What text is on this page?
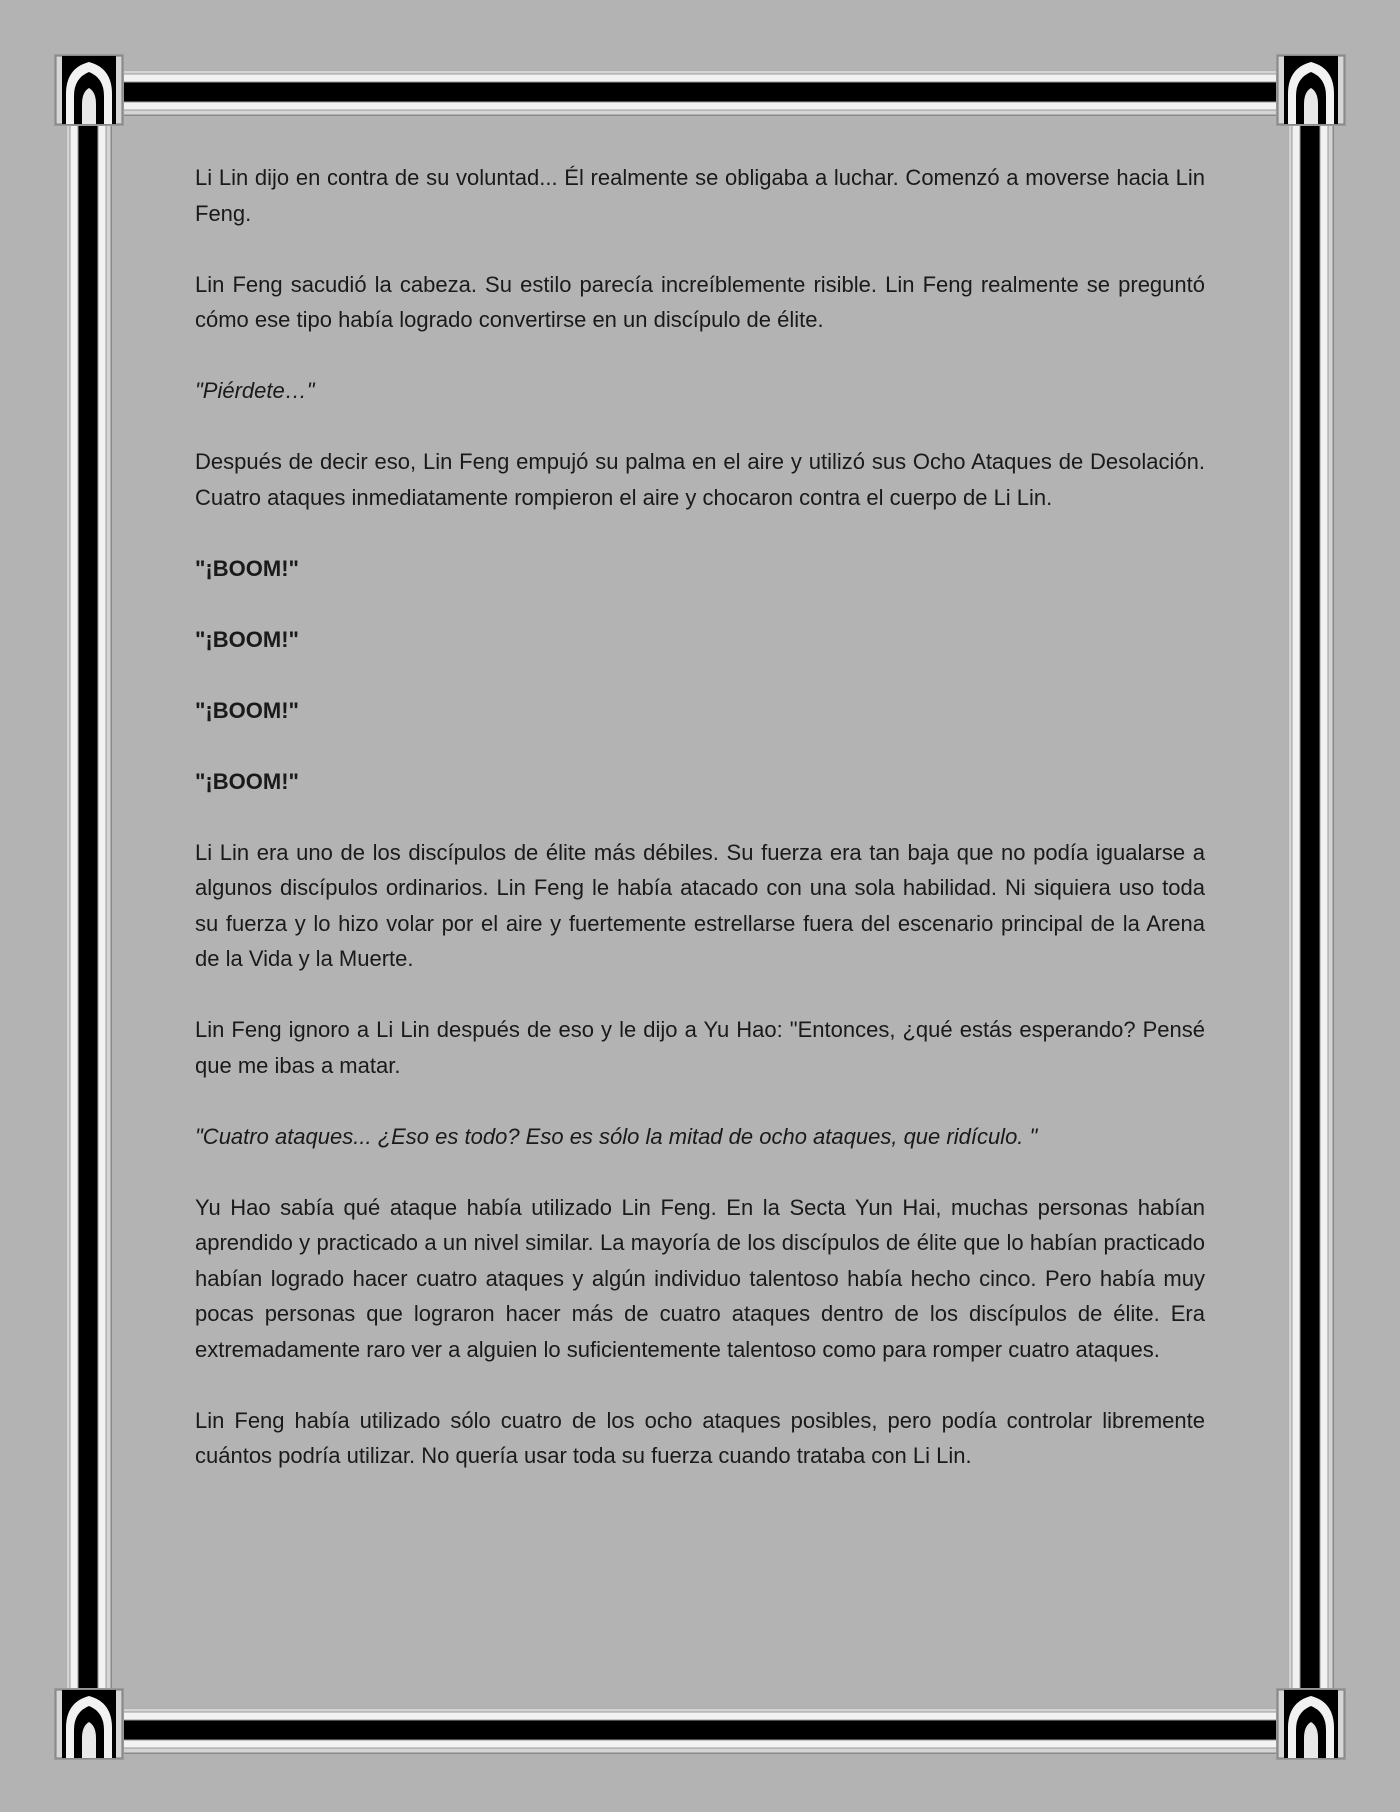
Li Lin dijo en contra de su voluntad... Él realmente se obligaba a luchar. Comenzó a moverse hacia Lin Feng.

Lin Feng sacudió la cabeza. Su estilo parecía increíblemente risible. Lin Feng realmente se preguntó cómo ese tipo había logrado convertirse en un discípulo de élite.

"Piérdete…"

Después de decir eso, Lin Feng empujó su palma en el aire y utilizó sus Ocho Ataques de Desolación. Cuatro ataques inmediatamente rompieron el aire y chocaron contra el cuerpo de Li Lin.

"¡BOOM!"

"¡BOOM!"

"¡BOOM!"

"¡BOOM!"

Li Lin era uno de los discípulos de élite más débiles. Su fuerza era tan baja que no podía igualarse a algunos discípulos ordinarios. Lin Feng le había atacado con una sola habilidad. Ni siquiera uso toda su fuerza y lo hizo volar por el aire y fuertemente estrellarse fuera del escenario principal de la Arena de la Vida y la Muerte.

Lin Feng ignoro a Li Lin después de eso y le dijo a Yu Hao: "Entonces, ¿qué estás esperando? Pensé que me ibas a matar.

"Cuatro ataques... ¿Eso es todo? Eso es sólo la mitad de ocho ataques, que ridículo. "

Yu Hao sabía qué ataque había utilizado Lin Feng. En la Secta Yun Hai, muchas personas habían aprendido y practicado a un nivel similar. La mayoría de los discípulos de élite que lo habían practicado habían logrado hacer cuatro ataques y algún individuo talentoso había hecho cinco. Pero había muy pocas personas que lograron hacer más de cuatro ataques dentro de los discípulos de élite. Era extremadamente raro ver a alguien lo suficientemente talentoso como para romper cuatro ataques.

Lin Feng había utilizado sólo cuatro de los ocho ataques posibles, pero podía controlar libremente cuántos podría utilizar. No quería usar toda su fuerza cuando trataba con Li Lin.
